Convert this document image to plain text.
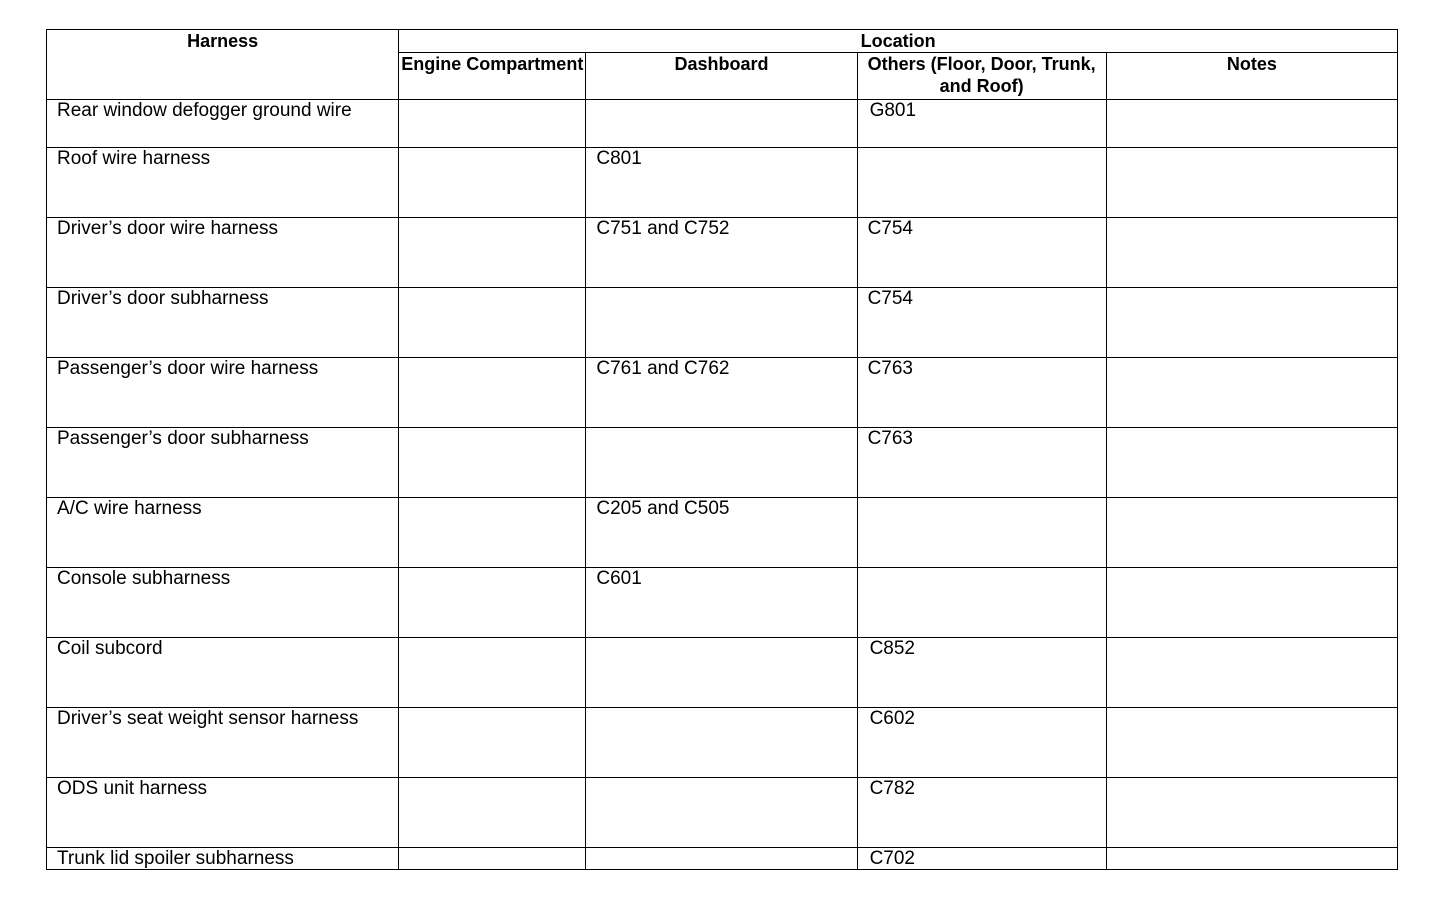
Harness	Location			
	Engine Compartment	Dashboard	Others (Floor, Door, Trunk, and Roof)	Notes
Rear window defogger ground wire			G801	
Roof wire harness		C801		
Driver’s door wire harness		C751 and C752	C754	
Driver’s door subharness			C754	
Passenger’s door wire harness		C761 and C762	C763	
Passenger’s door subharness			C763	
A/C wire harness		C205 and C505		
Console subharness		C601		
Coil subcord			C852	
Driver’s seat weight sensor harness			C602	
ODS unit harness			C782	
Trunk lid spoiler subharness			C702	
